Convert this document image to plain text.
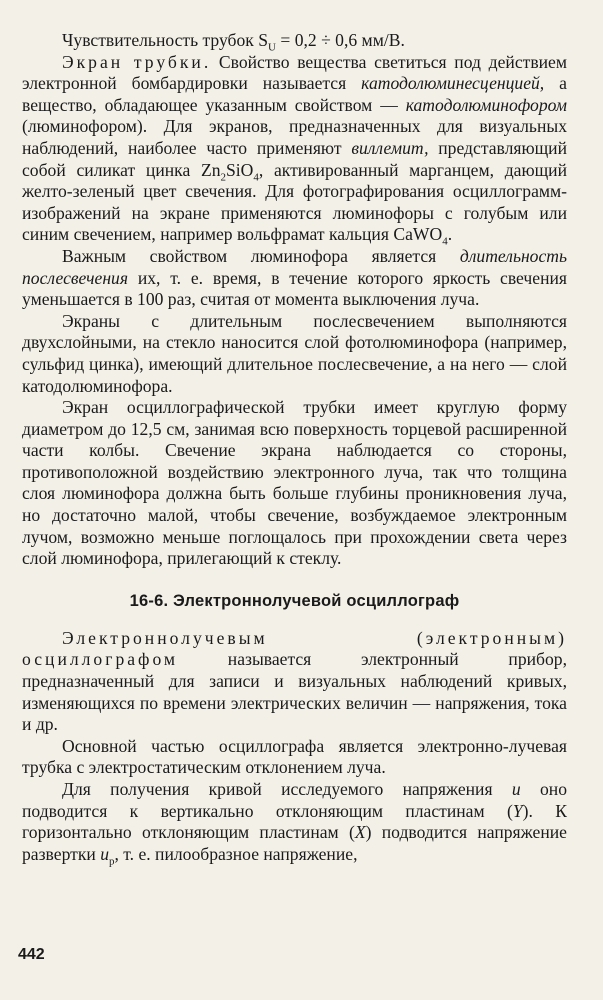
Чувствительность трубок $S_U = 0,2 \div 0,6$ мм/В.

Экран трубки. Свойство вещества светиться под действием электронной бомбардировки называется катодолюминесценцией, а вещество, обладающее указанным свойством — катодолюминофором (люминофором). Для экранов, предназначенных для визуальных наблюдений, наиболее часто применяют виллемит, представляющий собой силикат цинка $Zn_2SiO_4$, активированный марганцем, дающий желто-зеленый цвет свечения. Для фотографирования осциллограмм-изображений на экране применяются люминофоры с голубым или синим свечением, например вольфрамат кальция CaWO$_4$.

Важным свойством люминофора является длительность послесвечения их, т. е. время, в течение которого яркость свечения уменьшается в 100 раз, считая от момента выключения луча.

Экраны с длительным послесвечением выполняются двухслойными, на стекло наносится слой фотолюминофора (например, сульфид цинка), имеющий длительное послесвечение, а на него — слой катодолюминофора.

Экран осциллографической трубки имеет круглую форму диаметром до 12,5 см, занимая всю поверхность торцевой расширенной части колбы. Свечение экрана наблюдается со стороны, противоположной воздействию электронного луча, так что толщина слоя люминофора должна быть больше глубины проникновения луча, но достаточно малой, чтобы свечение, возбуждаемое электронным лучом, возможно меньше поглощалось при прохождении света через слой люминофора, прилегающий к стеклу.

16-6. Электроннолучевой осциллограф

Электроннолучевым (электронным) осциллографом называется электронный прибор, предназначенный для записи и визуальных наблюдений кривых, изменяющихся по времени электрических величин — напряжения, тока и др.

Основной частью осциллографа является электронно-лучевая трубка с электростатическим отклонением луча.

Для получения кривой исследуемого напряжения u оно подводится к вертикально отклоняющим пластинам (Y). К горизонтально отклоняющим пластинам (X) подводится напряжение развертки $u_р$, т. е. пилообразное напряжение,

442
